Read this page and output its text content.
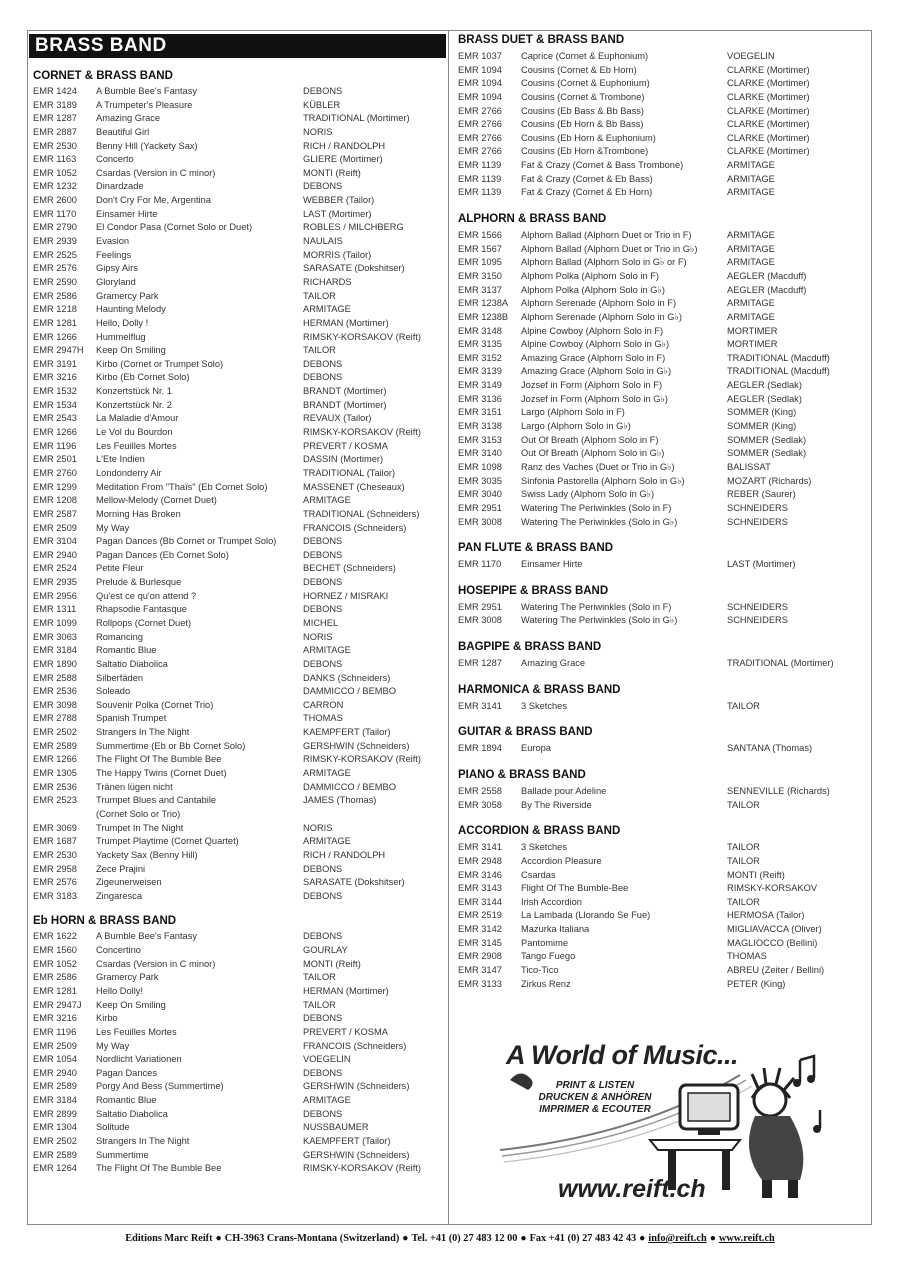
BRASS BAND
CORNET & BRASS BAND
EMR 1424	A Bumble Bee's Fantasy	DEBONS
EMR 3189	A Trumpeter's Pleasure	KÜBLER
EMR 1287	Amazing Grace	TRADITIONAL (Mortimer)
EMR 2887	Beautiful Girl	NORIS
EMR 2530	Benny Hill (Yackety Sax)	RICH / RANDOLPH
EMR 1163	Concerto	GLIERE (Mortimer)
EMR 1052	Csardas (Version in C minor)	MONTI (Reift)
EMR 1232	Dinardzade	DEBONS
EMR 2600	Don't Cry For Me, Argentina	WEBBER (Tailor)
EMR 1170	Einsamer Hirte	LAST (Mortimer)
EMR 2790	El Condor Pasa (Cornet Solo or Duet)	ROBLES / MILCHBERG
EMR 2939	Evasion	NAULAIS
EMR 2525	Feelings	MORRIS (Tailor)
EMR 2576	Gipsy Airs	SARASATE (Dokshitser)
EMR 2590	Gloryland	RICHARDS
EMR 2586	Gramercy Park	TAILOR
EMR 1218	Haunting Melody	ARMITAGE
EMR 1281	Hello, Dolly !	HERMAN (Mortimer)
EMR 1266	Hummelflug	RIMSKY-KORSAKOV (Reift)
EMR 2947H	Keep On Smiling	TAILOR
EMR 3191	Kirbo (Cornet or Trumpet Solo)	DEBONS
EMR 3216	Kirbo (Eb Cornet Solo)	DEBONS
EMR 1532	Konzertstück Nr. 1	BRANDT (Mortimer)
EMR 1534	Konzertstück Nr. 2	BRANDT (Mortimer)
EMR 2543	La Maladie d'Amour	REVAUX (Tailor)
EMR 1266	Le Vol du Bourdon	RIMSKY-KORSAKOV (Reift)
EMR 1196	Les Feuilles Mortes	PREVERT / KOSMA
EMR 2501	L'Ete Indien	DASSIN (Mortimer)
EMR 2760	Londonderry Air	TRADITIONAL (Tailor)
EMR 1299	Meditation From "Thaïs" (Eb Cornet Solo)	MASSENET (Cheseaux)
EMR 1208	Mellow-Melody (Cornet Duet)	ARMITAGE
EMR 2587	Morning Has Broken	TRADITIONAL (Schneiders)
EMR 2509	My Way	FRANCOIS (Schneiders)
EMR 3104	Pagan Dances (Bb Cornet or Trumpet Solo)	DEBONS
EMR 2940	Pagan Dances (Eb Cornet Solo)	DEBONS
EMR 2524	Petite Fleur	BECHET (Schneiders)
EMR 2935	Prelude & Burlesque	DEBONS
EMR 2956	Qu'est ce qu'on attend ?	HORNEZ / MISRAKI
EMR 1311	Rhapsodie Fantasque	DEBONS
EMR 1099	Rollpops (Cornet Duet)	MICHEL
EMR 3063	Romancing	NORIS
EMR 3184	Romantic Blue	ARMITAGE
EMR 1890	Saltatio Diabolica	DEBONS
EMR 2588	Silberfäden	DANKS (Schneiders)
EMR 2536	Soleado	DAMMICCO / BEMBO
EMR 3098	Souvenir Polka (Cornet Trio)	CARRON
EMR 2788	Spanish Trumpet	THOMAS
EMR 2502	Strangers In The Night	KAEMPFERT (Tailor)
EMR 2589	Summertime (Eb or Bb Cornet Solo)	GERSHWIN (Schneiders)
EMR 1266	The Flight Of The Bumble Bee	RIMSKY-KORSAKOV (Reift)
EMR 1305	The Happy Twins (Cornet Duet)	ARMITAGE
EMR 2536	Tränen lügen nicht	DAMMICCO / BEMBO
EMR 2523	Trumpet Blues and Cantabile	JAMES (Thomas)
(Cornet Solo or Trio)
EMR 3069	Trumpet In The Night	NORIS
EMR 1687	Trumpet Playtime (Cornet Quartet)	ARMITAGE
EMR 2530	Yackety Sax (Benny Hill)	RICH / RANDOLPH
EMR 2958	Zece Prajini	DEBONS
EMR 2576	Zigeunerweisen	SARASATE (Dokshitser)
EMR 3183	Zingaresca	DEBONS
Eb HORN & BRASS BAND
EMR 1622	A Bumble Bee's Fantasy	DEBONS
EMR 1560	Concertino	GOURLAY
EMR 1052	Csardas (Version in C minor)	MONTI (Reift)
EMR 2586	Gramercy Park	TAILOR
EMR 1281	Hello Dolly!	HERMAN (Mortimer)
EMR 2947J	Keep On Smiling	TAILOR
EMR 3216	Kirbo	DEBONS
EMR 1196	Les Feuilles Mortes	PREVERT / KOSMA
EMR 2509	My Way	FRANCOIS (Schneiders)
EMR 1054	Nordlicht Variationen	VOEGELIN
EMR 2940	Pagan Dances	DEBONS
EMR 2589	Porgy And Bess (Summertime)	GERSHWIN (Schneiders)
EMR 3184	Romantic Blue	ARMITAGE
EMR 2899	Saltatio Diabolica	DEBONS
EMR 1304	Solitude	NUSSBAUMER
EMR 2502	Strangers In The Night	KAEMPFERT (Tailor)
EMR 2589	Summertime	GERSHWIN (Schneiders)
EMR 1264	The Flight Of The Bumble Bee	RIMSKY-KORSAKOV (Reift)
BRASS DUET & BRASS BAND
EMR 1037	Caprice (Cornet & Euphonium)	VOEGELIN
EMR 1094	Cousins (Cornet & Eb Horn)	CLARKE (Mortimer)
EMR 1094	Cousins (Cornet & Euphonium)	CLARKE (Mortimer)
EMR 1094	Cousins (Cornet & Trombone)	CLARKE (Mortimer)
EMR 2766	Cousins (Eb Bass & Bb Bass)	CLARKE (Mortimer)
EMR 2766	Cousins (Eb Horn & Bb Bass)	CLARKE (Mortimer)
EMR 2766	Cousins (Eb Horn & Euphonium)	CLARKE (Mortimer)
EMR 2766	Cousins (Eb Horn &Trombone)	CLARKE (Mortimer)
EMR 1139	Fat & Crazy (Cornet & Bass Trombone)	ARMITAGE
EMR 1139	Fat & Crazy (Cornet & Eb Bass)	ARMITAGE
EMR 1139	Fat & Crazy (Cornet & Eb Horn)	ARMITAGE
ALPHORN & BRASS BAND
EMR 1566	Alphorn Ballad (Alphorn Duet or Trio in F)	ARMITAGE
EMR 1567	Alphorn Ballad (Alphorn Duet or Trio in G♭)	ARMITAGE
EMR 1095	Alphorn Ballad (Alphorn Solo in G♭ or F)	ARMITAGE
EMR 3150	Alphorn Polka (Alphorn Solo in F)	AEGLER (Macduff)
EMR 3137	Alphorn Polka (Alphorn Solo in G♭)	AEGLER (Macduff)
EMR 1238A	Alphorn Serenade (Alphorn Solo in F)	ARMITAGE
EMR 1238B	Alphorn Serenade (Alphorn Solo in G♭)	ARMITAGE
EMR 3148	Alpine Cowboy (Alphorn Solo in F)	MORTIMER
EMR 3135	Alpine Cowboy (Alphorn Solo in G♭)	MORTIMER
EMR 3152	Amazing Grace (Alphorn Solo in F)	TRADITIONAL (Macduff)
EMR 3139	Amazing Grace (Alphorn Solo in G♭)	TRADITIONAL (Macduff)
EMR 3149	Jozsef in Form (Alphorn Solo in F)	AEGLER (Sedlak)
EMR 3136	Jozsef in Form (Alphorn Solo in G♭)	AEGLER (Sedlak)
EMR 3151	Largo (Alphorn Solo in F)	SOMMER (King)
EMR 3138	Largo (Alphorn Solo in G♭)	SOMMER (King)
EMR 3153	Out Of Breath (Alphorn Solo in F)	SOMMER (Sedlak)
EMR 3140	Out Of Breath (Alphorn Solo in G♭)	SOMMER (Sedlak)
EMR 1098	Ranz des Vaches (Duet or Trio in G♭)	BALISSAT
EMR 3035	Sinfonia Pastorella (Alphorn Solo in G♭)	MOZART (Richards)
EMR 3040	Swiss Lady (Alphorn Solo in G♭)	REBER (Saurer)
EMR 2951	Watering The Periwinkles (Solo in F)	SCHNEIDERS
EMR 3008	Watering The Periwinkles (Solo in G♭)	SCHNEIDERS
PAN FLUTE & BRASS BAND
EMR 1170	Einsamer Hirte	LAST (Mortimer)
HOSEPIPE & BRASS BAND
EMR 2951	Watering The Periwinkles (Solo in F)	SCHNEIDERS
EMR 3008	Watering The Periwinkles (Solo in G♭)	SCHNEIDERS
BAGPIPE & BRASS BAND
EMR 1287	Amazing Grace	TRADITIONAL (Mortimer)
HARMONICA & BRASS BAND
EMR 3141	3 Sketches	TAILOR
GUITAR & BRASS BAND
EMR 1894	Europa	SANTANA (Thomas)
PIANO & BRASS BAND
EMR 2558	Ballade pour Adeline	SENNEVILLE (Richards)
EMR 3058	By The Riverside	TAILOR
ACCORDION & BRASS BAND
EMR 3141	3 Sketches	TAILOR
EMR 2948	Accordion Pleasure	TAILOR
EMR 3146	Csardas	MONTI (Reift)
EMR 3143	Flight Of The Bumble-Bee	RIMSKY-KORSAKOV
EMR 3144	Irish Accordion	TAILOR
EMR 2519	La Lambada (Llorando Se Fue)	HERMOSA (Tailor)
EMR 3142	Mazurka Italiana	MIGLIAVACCA (Oliver)
EMR 3145	Pantomime	MAGLIOCCO (Bellini)
EMR 2908	Tango Fuego	THOMAS
EMR 3147	Tico-Tico	ABREU (Zeiter / Bellini)
EMR 3133	Zirkus Renz	PETER (King)
A World of Music...
PRINT & LISTEN
DRUCKEN & ANHÖREN
IMPRIMER & ECOUTER
www.reift.ch
Editions Marc Reift ● CH-3963 Crans-Montana (Switzerland) ● Tel. +41 (0) 27 483 12 00 ● Fax +41 (0) 27 483 42 43 ● info@reift.ch ● www.reift.ch
